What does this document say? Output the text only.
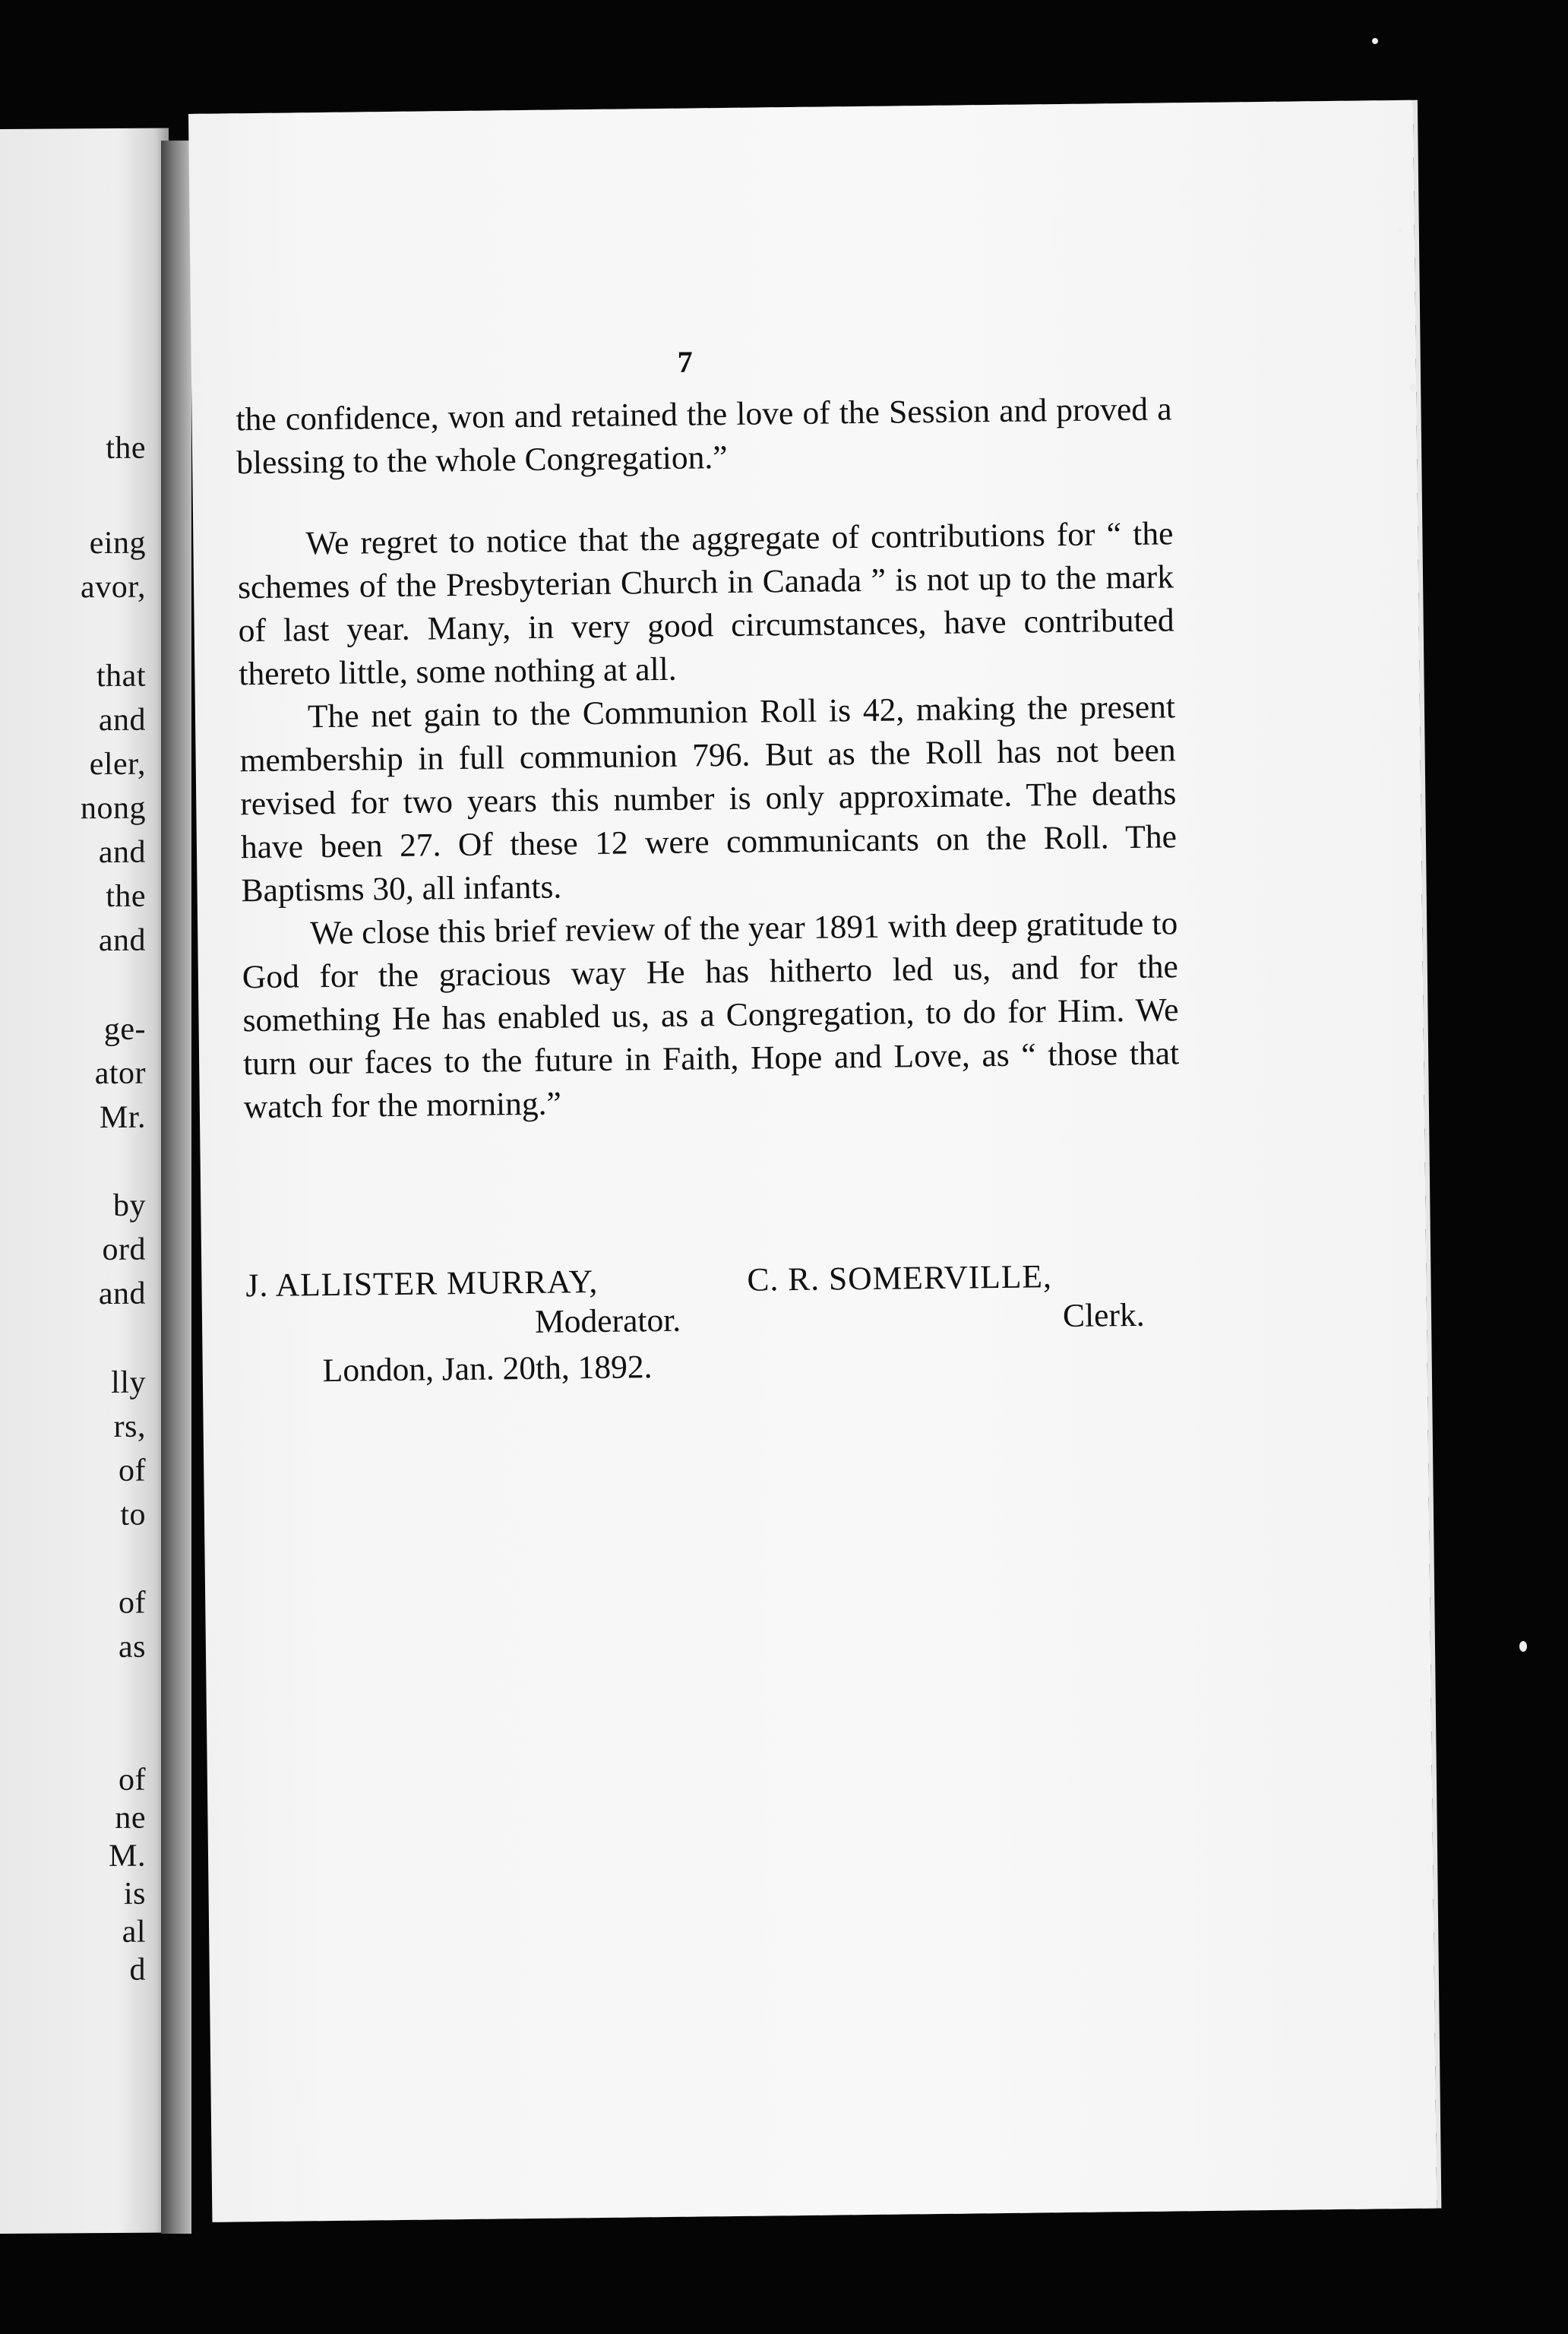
the
eing
avor,
that
and
eler,
nong
and
the
and
ge-
ator
Mr.
by
ord
and
lly
rs,
of
to
of
as
of
ne
M.
is
al
d
7

the confidence, won and retained the love of the Session and proved a blessing to the whole Congregation.”

We regret to notice that the aggregate of contributions for “ the schemes of the Presbyterian Church in Canada ” is not up to the mark of last year. Many, in very good circumstances, have contributed thereto little, some nothing at all.

The net gain to the Communion Roll is 42, making the present membership in full communion 796. But as the Roll has not been revised for two years this number is only approximate. The deaths have been 27. Of these 12 were communicants on the Roll. The Baptisms 30, all infants.

We close this brief review of the year 1891 with deep gratitude to God for the gracious way He has hitherto led us, and for the something He has enabled us, as a Congregation, to do for Him. We turn our faces to the future in Faith, Hope and Love, as “ those that watch for the morning.”

J. ALLISTER MURRAY,	C. R. SOMERVILLE,
Moderator.	Clerk.
London, Jan. 20th, 1892.
